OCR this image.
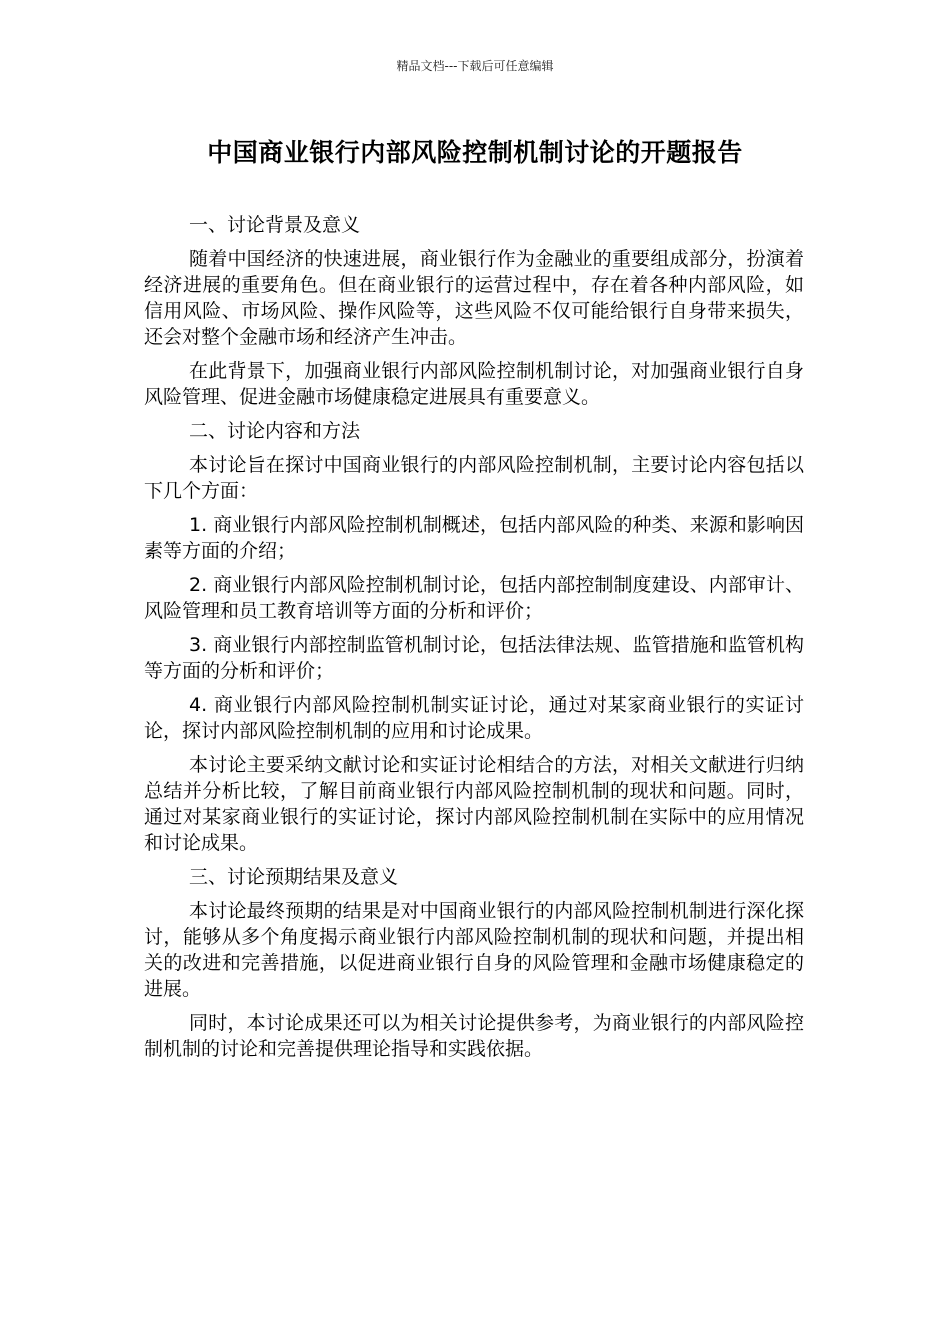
精品文档---下载后可任意编辑
中国商业银行内部风险控制机制讨论的开题报告

一、讨论背景及意义

随着中国经济的快速进展，商业银行作为金融业的重要组成部分，扮演着经济进展的重要角色。但在商业银行的运营过程中，存在着各种内部风险，如信用风险、市场风险、操作风险等，这些风险不仅可能给银行自身带来损失，还会对整个金融市场和经济产生冲击。

在此背景下，加强商业银行内部风险控制机制讨论，对加强商业银行自身风险管理、促进金融市场健康稳定进展具有重要意义。

二、讨论内容和方法

本讨论旨在探讨中国商业银行的内部风险控制机制，主要讨论内容包括以下几个方面：

1. 商业银行内部风险控制机制概述，包括内部风险的种类、来源和影响因素等方面的介绍；

2. 商业银行内部风险控制机制讨论，包括内部控制制度建设、内部审计、风险管理和员工教育培训等方面的分析和评价；

3. 商业银行内部控制监管机制讨论，包括法律法规、监管措施和监管机构等方面的分析和评价；

4. 商业银行内部风险控制机制实证讨论，通过对某家商业银行的实证讨论，探讨内部风险控制机制的应用和讨论成果。

本讨论主要采纳文献讨论和实证讨论相结合的方法，对相关文献进行归纳总结并分析比较，了解目前商业银行内部风险控制机制的现状和问题。同时，通过对某家商业银行的实证讨论，探讨内部风险控制机制在实际中的应用情况和讨论成果。

三、讨论预期结果及意义

本讨论最终预期的结果是对中国商业银行的内部风险控制机制进行深化探讨，能够从多个角度揭示商业银行内部风险控制机制的现状和问题，并提出相关的改进和完善措施，以促进商业银行自身的风险管理和金融市场健康稳定的进展。

同时，本讨论成果还可以为相关讨论提供参考，为商业银行的内部风险控制机制的讨论和完善提供理论指导和实践依据。
